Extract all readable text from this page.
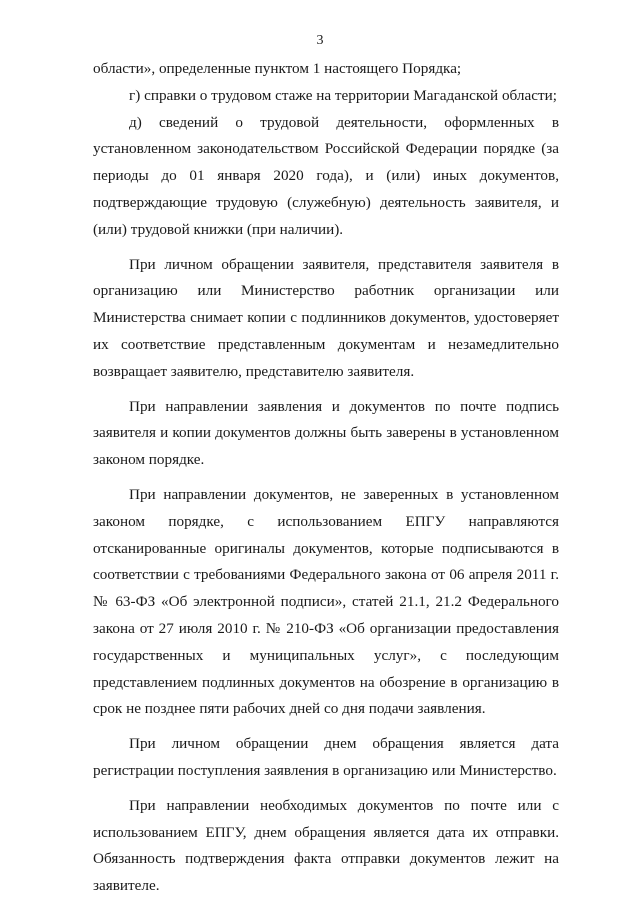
3

области», определенные пунктом 1 настоящего Порядка;

г) справки о трудовом стаже на территории Магаданской области;

д) сведений о трудовой деятельности, оформленных в установленном законодательством Российской Федерации порядке (за периоды до 01 января 2020 года), и (или) иных документов, подтверждающие трудовую (служебную) деятельность заявителя, и (или) трудовой книжки (при наличии).

При личном обращении заявителя, представителя заявителя в организацию или Министерство работник организации или Министерства снимает копии с подлинников документов, удостоверяет их соответствие представленным документам и незамедлительно возвращает заявителю, представителю заявителя.

При направлении заявления и документов по почте подпись заявителя и копии документов должны быть заверены в установленном законом порядке.

При направлении документов, не заверенных в установленном законом порядке, с использованием ЕПГУ направляются отсканированные оригиналы документов, которые подписываются в соответствии с требованиями Федерального закона от 06 апреля 2011 г. № 63-ФЗ «Об электронной подписи», статей 21.1, 21.2 Федерального закона от 27 июля 2010 г. № 210-ФЗ «Об организации предоставления государственных и муниципальных услуг», с последующим представлением подлинных документов на обозрение в организацию в срок не позднее пяти рабочих дней со дня подачи заявления.

При личном обращении днем обращения является дата регистрации поступления заявления в организацию или Министерство.

При направлении необходимых документов по почте или с использованием ЕПГУ, днем обращения является дата их отправки. Обязанность подтверждения факта отправки документов лежит на заявителе.
